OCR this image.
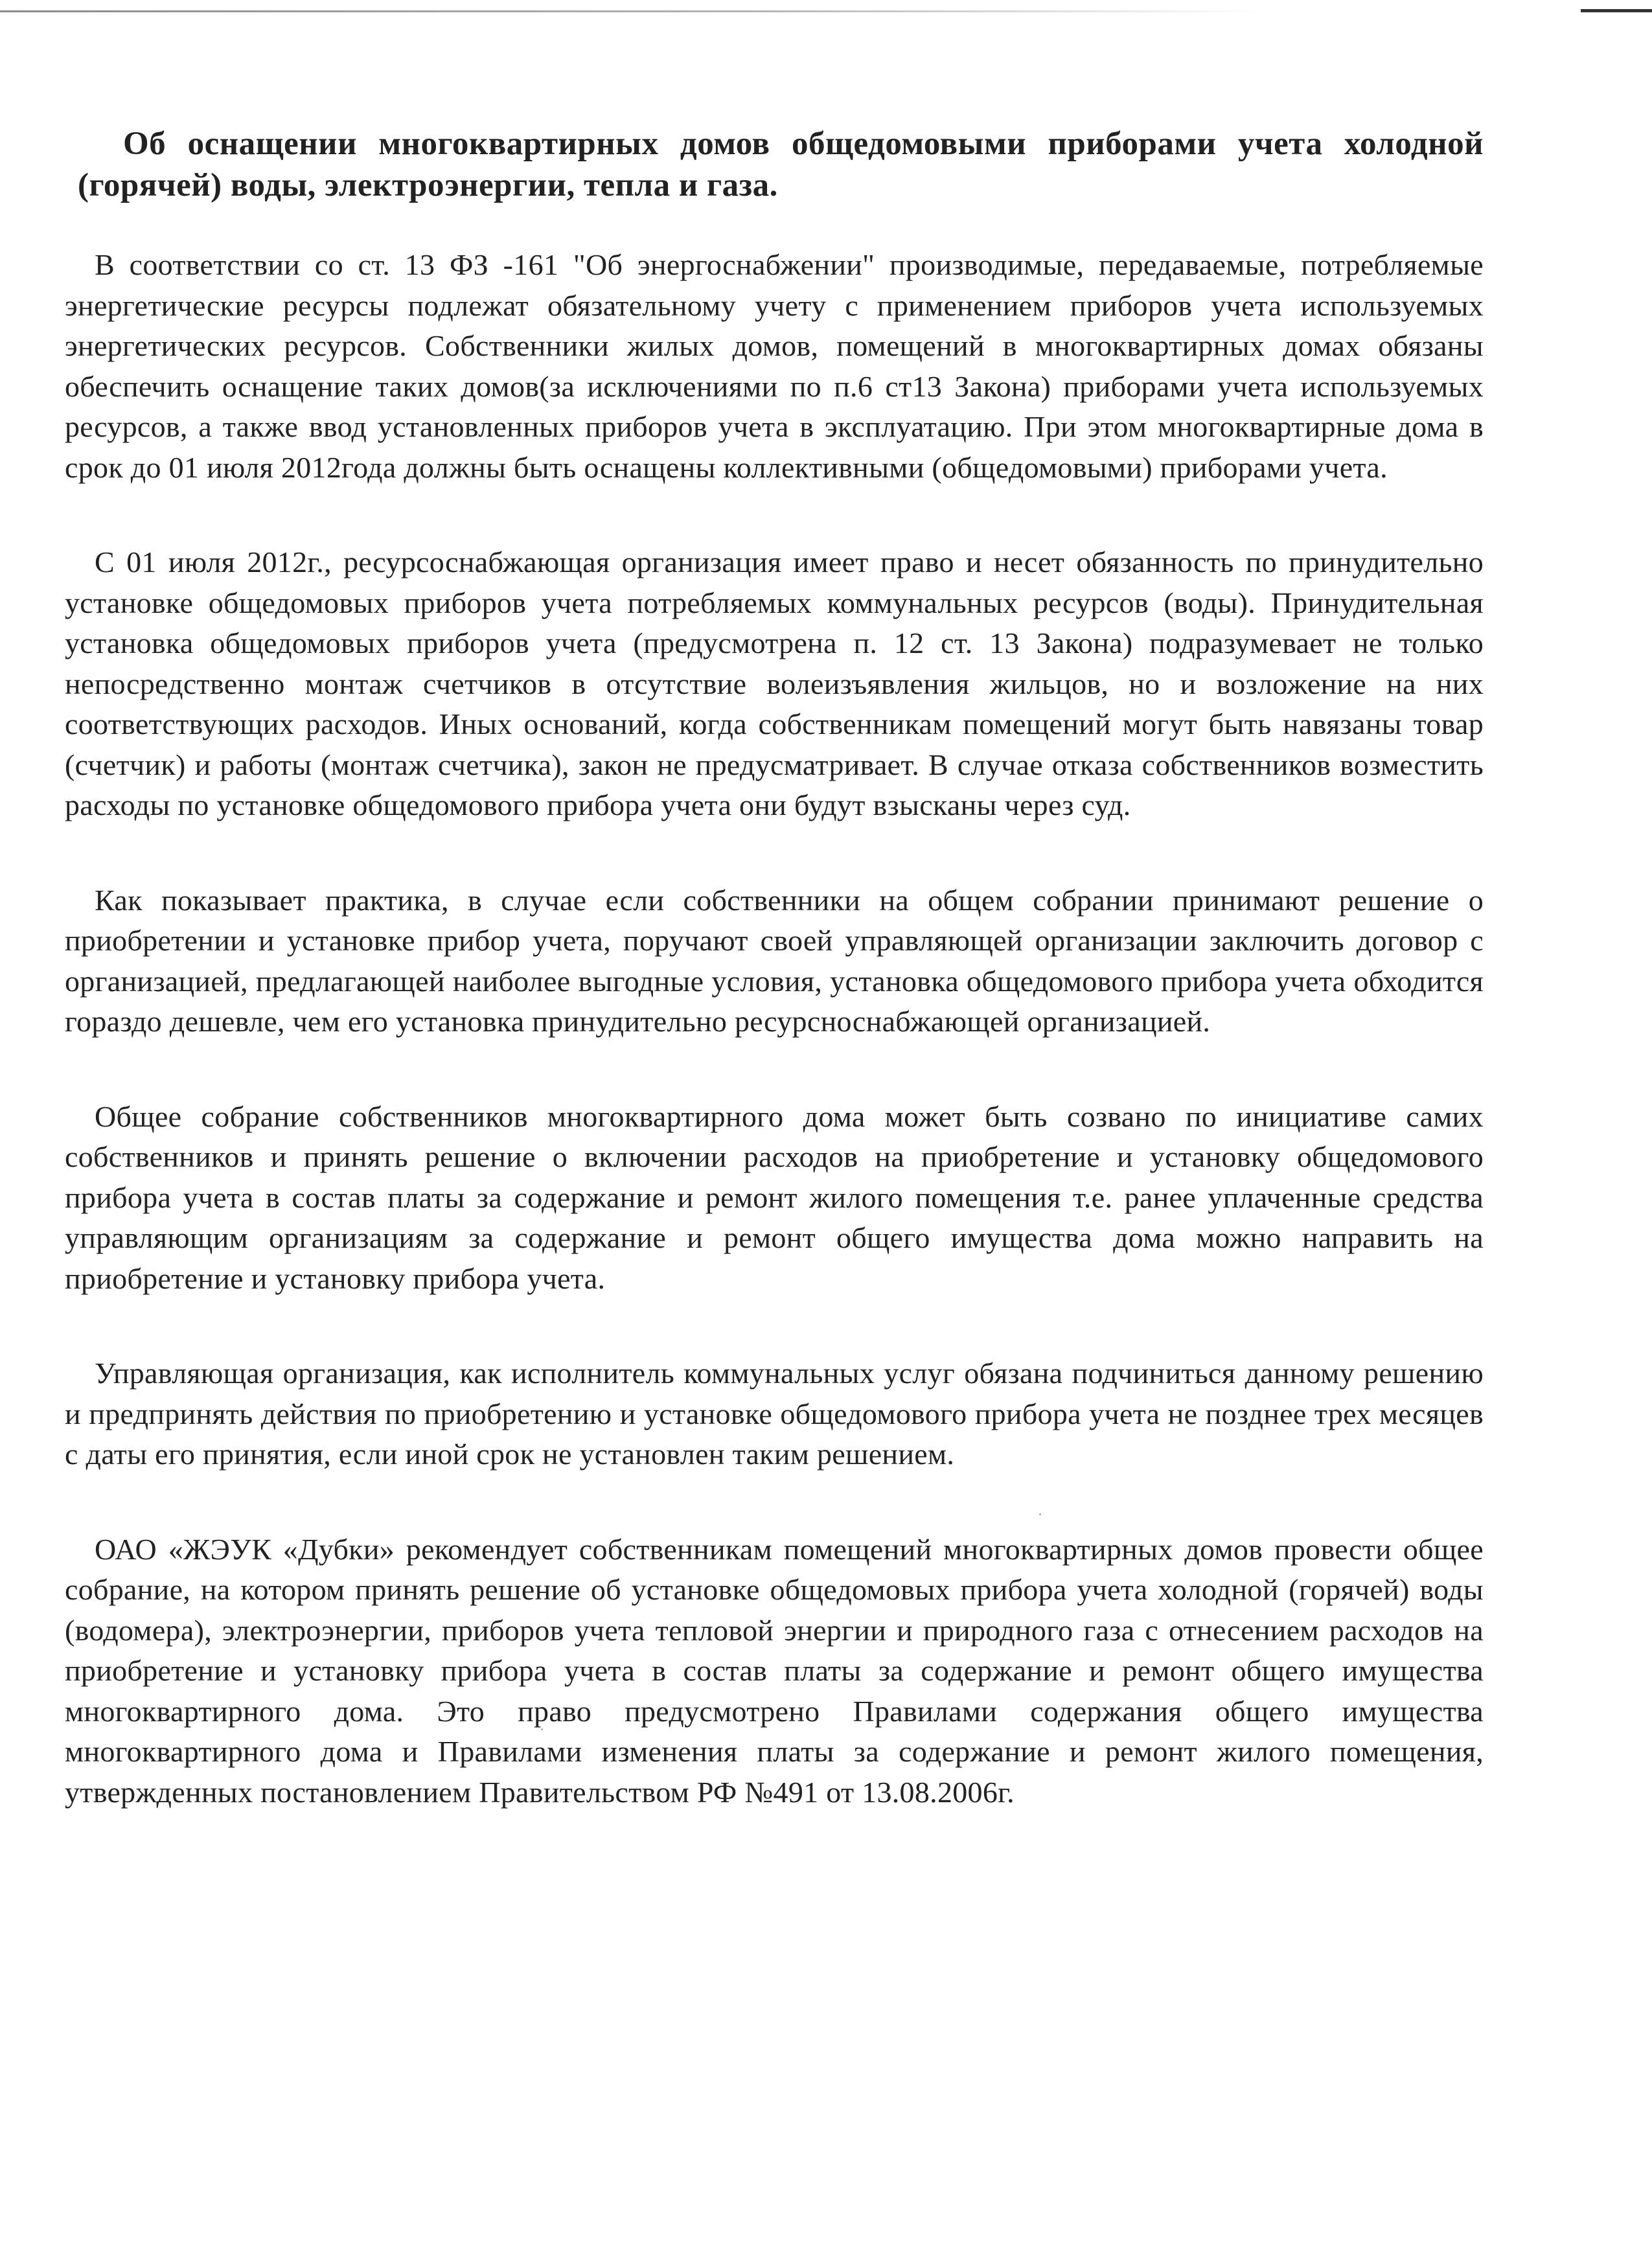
Об оснащении многоквартирных домов общедомовыми приборами учета холодной (горячей) воды, электроэнергии, тепла и газа.

В соответствии со ст. 13 ФЗ -161 "Об энергоснабжении" производимые, передаваемые, потребляемые энергетические ресурсы подлежат обязательному учету с применением приборов учета используемых энергетических ресурсов. Собственники жилых домов, помещений в многоквартирных домах обязаны обеспечить оснащение таких домов(за исключениями по п.6 ст13 Закона) приборами учета используемых ресурсов, а также ввод установленных приборов учета в эксплуатацию. При этом многоквартирные дома в срок до 01 июля 2012года должны быть оснащены коллективными (общедомовыми) приборами учета.

С 01 июля 2012г., ресурсоснабжающая организация имеет право и несет обязанность по принудительно установке общедомовых приборов учета потребляемых коммунальных ресурсов (воды). Принудительная установка общедомовых приборов учета (предусмотрена п. 12 ст. 13 Закона) подразумевает не только непосредственно монтаж счетчиков в отсутствие волеизъявления жильцов, но и возложение на них соответствующих расходов. Иных оснований, когда собственникам помещений могут быть навязаны товар (счетчик) и работы (монтаж счетчика), закон не предусматривает. В случае отказа собственников возместить расходы по установке общедомового прибора учета они будут взысканы через суд.

Как показывает практика, в случае если собственники на общем собрании принимают решение о приобретении и установке прибор учета, поручают своей управляющей организации заключить договор с организацией, предлагающей наиболее выгодные условия, установка общедомового прибора учета обходится гораздо дешевле, чем его установка принудительно ресурсноснабжающей организацией.

Общее собрание собственников многоквартирного дома может быть созвано по инициативе самих собственников и принять решение о включении расходов на приобретение и установку общедомового прибора учета в состав платы за содержание и ремонт жилого помещения т.е. ранее уплаченные средства управляющим организациям за содержание и ремонт общего имущества дома можно направить на приобретение и установку прибора учета.

Управляющая организация, как исполнитель коммунальных услуг обязана подчиниться данному решению и предпринять действия по приобретению и установке общедомового прибора учета не позднее трех месяцев с даты его принятия, если иной срок не установлен таким решением.

ОАО «ЖЭУК «Дубки» рекомендует собственникам помещений многоквартирных домов провести общее собрание, на котором принять решение об установке общедомовых прибора учета холодной (горячей) воды (водомера), электроэнергии, приборов учета тепловой энергии и природного газа с отнесением расходов на приобретение и установку прибора учета в состав платы за содержание и ремонт общего имущества многоквартирного дома. Это право предусмотрено Правилами содержания общего имущества многоквартирного дома и Правилами изменения платы за содержание и ремонт жилого помещения, утвержденных постановлением Правительством РФ №491 от 13.08.2006г.
